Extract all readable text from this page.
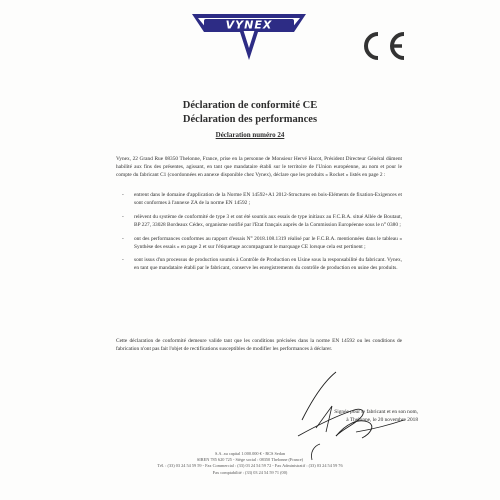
VYNEX
Déclaration de conformité CE
Déclaration des performances
Déclaration numéro 24
Vynex, 22 Grand Rue 08350 Thelonne, France, prise en la personne de Monsieur Hervé Hacot, Président Directeur Général dûment habilité aux fins des présentes, agissant, en tant que mandataire établi sur le territoire de l'Union européenne, au nom et pour le compte du fabricant C1 (coordonnées en annexe disponible chez Vynex), déclare que les produits « Rocket » listés en page 2 :
- entrent dans le domaine d'application de la Norme EN 14592+A1 2012-Structures en bois-Eléments de fixation-Exigences et sont conformes à l'annexe ZA de la norme EN 14592 ;
- relèvent du système de conformité de type 3 et ont été soumis aux essais de type initiaux au F.C.B.A. situé Allée de Boutaut, BP 227, 33028 Bordeaux Cédex, organisme notifié par l'Etat français auprès de la Commission Européenne sous le n° 0380 ;
- ont des performances conformes au rapport d'essais N° 2018.108.1319 réalisé par le F.C.B.A. mentionnées dans le tableau « Synthèse des essais » en page 2 et sur l'étiquetage accompagnant le marquage CE lorsque cela est pertinent ;
- sont issus d'un processus de production soumis à Contrôle de Production en Usine sous la responsabilité du fabricant. Vynex, en tant que mandataire établi par le fabricant, conserve les enregistrements du contrôle de production en usine des produits.
Cette déclaration de conformité demeure valide tant que les conditions précisées dans la norme EN 14592 ou les conditions de fabrication n'ont pas fait l'objet de rectifications susceptibles de modifier les performances à déclarer.
Signée pour le fabricant et en son nom,
à Thelonne, le 20 novembre 2018
S.A. au capital 1.000.000 € - RCS Sedan
SIREN 785 620 725 - Siège social : 08350 Thelonne (France)
Tél. : (33) 03 24 54 59 59 - Fax Commercial : (33) 03 24 54 59 72 - Fax Administratif : (33) 03 24 54 59 76
Fax comptabilité : (33) 03 24 54 59 71 (00)
